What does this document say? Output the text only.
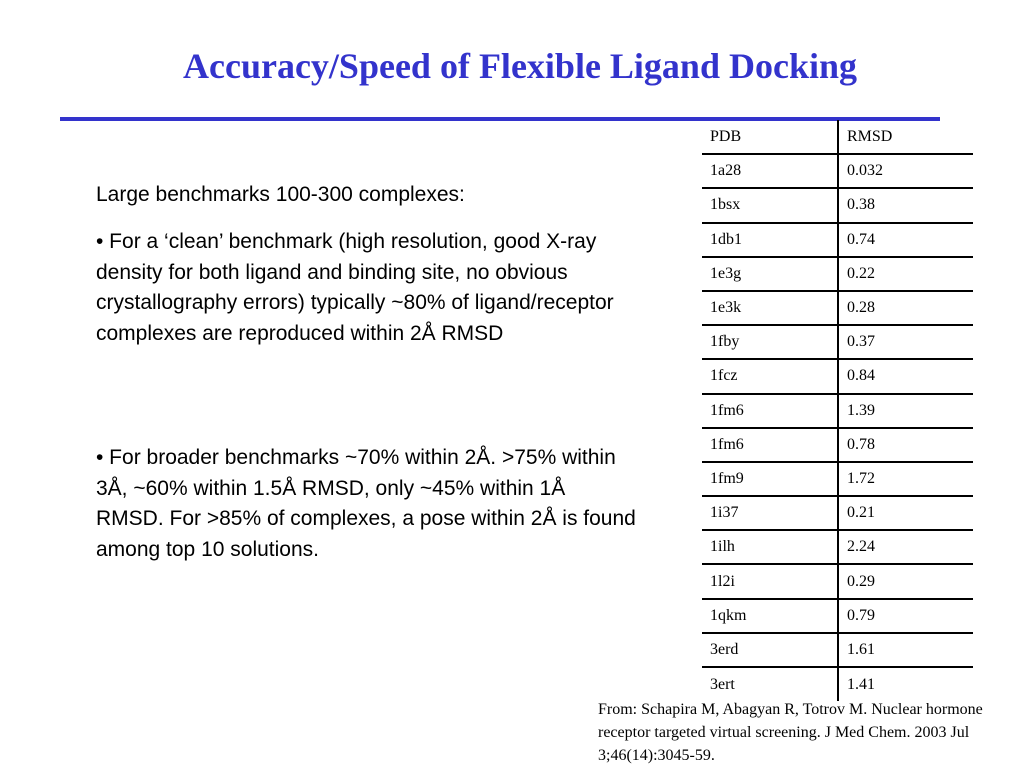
Accuracy/Speed of Flexible Ligand Docking

Large benchmarks 100-300 complexes:

• For a ‘clean’ benchmark (high resolution, good X-ray density for both ligand and binding site, no obvious crystallography errors) typically ~80% of ligand/receptor complexes are reproduced within 2Å RMSD

• For broader benchmarks ~70% within 2Å. >75% within 3Å, ~60% within 1.5Å RMSD, only ~45% within 1Å RMSD. For >85% of complexes, a pose within 2Å is found among top 10 solutions.

PDB	RMSD
1a28	0.032
1bsx	0.38
1db1	0.74
1e3g	0.22
1e3k	0.28
1fby	0.37
1fcz	0.84
1fm6	1.39
1fm6	0.78
1fm9	1.72
1i37	0.21
1ilh	2.24
1l2i	0.29
1qkm	0.79
3erd	1.61
3ert	1.41

From: Schapira M, Abagyan R, Totrov M. Nuclear hormone receptor targeted virtual screening. J Med Chem. 2003 Jul 3;46(14):3045-59.
